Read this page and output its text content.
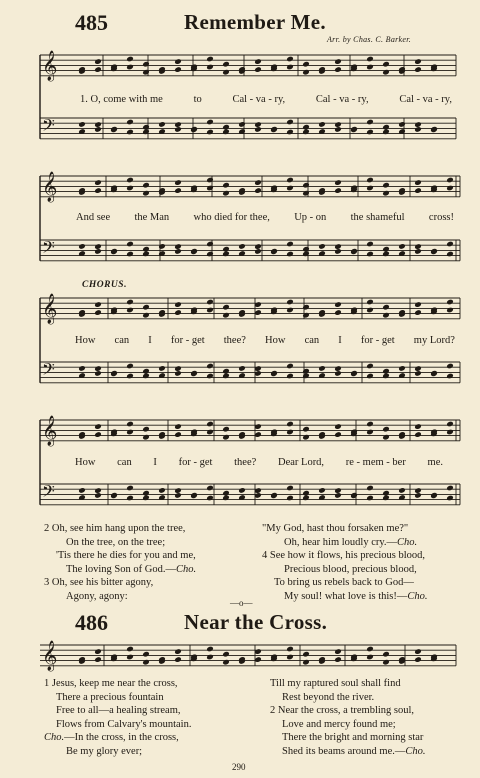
485	Remember Me.
Arr. by Chas. C. Barker.
𝄞
𝄢
𝄞
𝄢
𝄞
𝄢
𝄞
𝄢
𝄞
1. O, come with me	to	Cal - va - ry,	Cal - va - ry,	Cal - va - ry,
And see the Man who died for thee, Up - on the shameful cross!
CHORUS.
How can I for - get thee? How can I for - get my Lord?
How can I for - get thee? Dear Lord, re - mem - ber me.
2 Oh, see him hang upon the tree,
On the tree, on the tree;
'Tis there he dies for you and me,
The loving Son of God.—Cho.
3 Oh, see his bitter agony,
Agony, agony:
"My God, hast thou forsaken me?"
Oh, hear him loudly cry.—Cho.
4 See how it flows, his precious blood,
Precious blood, precious blood,
To bring us rebels back to God—
My soul! what love is this!—Cho.
—o—
486	Near the Cross.
1 Jesus, keep me near the cross,
There a precious fountain
Free to all—a healing stream,
Flows from Calvary's mountain.
Cho.—In the cross, in the cross,
Be my glory ever;
Till my raptured soul shall find
Rest beyond the river.
2 Near the cross, a trembling soul,
Love and mercy found me;
There the bright and morning star
Shed its beams around me.—Cho.
290
